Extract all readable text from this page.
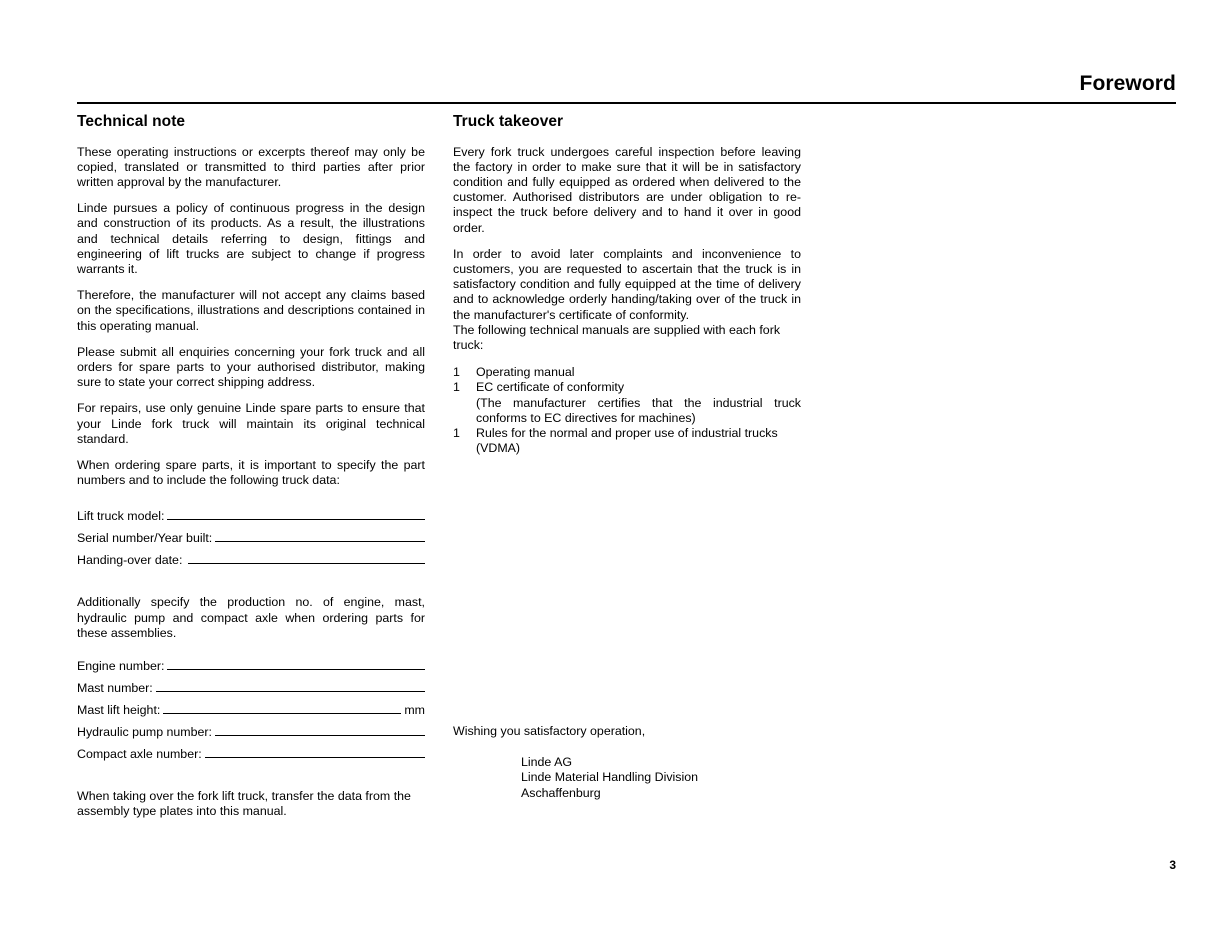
Foreword
Technical note

These operating instructions or excerpts thereof may only be copied, translated or transmitted to third parties after prior written approval by the manufacturer.

Linde pursues a policy of continuous progress in the design and construction of its products. As a result, the illustrations and technical details referring to design, fittings and engineering of lift trucks are subject to change if progress warrants it.

Therefore, the manufacturer will not accept any claims based on the specifications, illustrations and descriptions contained in this operating manual.

Please submit all enquiries concerning your fork truck and all orders for spare parts to your authorised distributor, making sure to state your correct shipping address.

For repairs, use only genuine Linde spare parts to ensure that your Linde fork truck will maintain its original technical standard.

When ordering spare parts, it is important to specify the part numbers and to include the following truck data:

Lift truck model:
Serial number/Year built:
Handing-over date:

Additionally specify the production no. of engine, mast, hydraulic pump and compact axle when ordering parts for these assemblies.

Engine number:
Mast number:
Mast lift height:	mm
Hydraulic pump number:
Compact axle number:

When taking over the fork lift truck, transfer the data from the assembly type plates into this manual.

Truck takeover

Every fork truck undergoes careful inspection before leaving the factory in order to make sure that it will be in satisfactory condition and fully equipped as ordered when delivered to the customer. Authorised distributors are under obligation to re-inspect the truck before delivery and to hand it over in good order.

In order to avoid later complaints and inconvenience to customers, you are requested to ascertain that the truck is in satisfactory condition and fully equipped at the time of delivery and to acknowledge orderly handing/taking over of the truck in the manufacturer's certificate of conformity.

The following technical manuals are supplied with each fork truck:

1	Operating manual
1	EC certificate of conformity
(The manufacturer certifies that the industrial truck conforms to EC directives for machines)
1	Rules for the normal and proper use of industrial trucks (VDMA)
Wishing you satisfactory operation,
Linde AG
Linde Material Handling Division
Aschaffenburg
3
